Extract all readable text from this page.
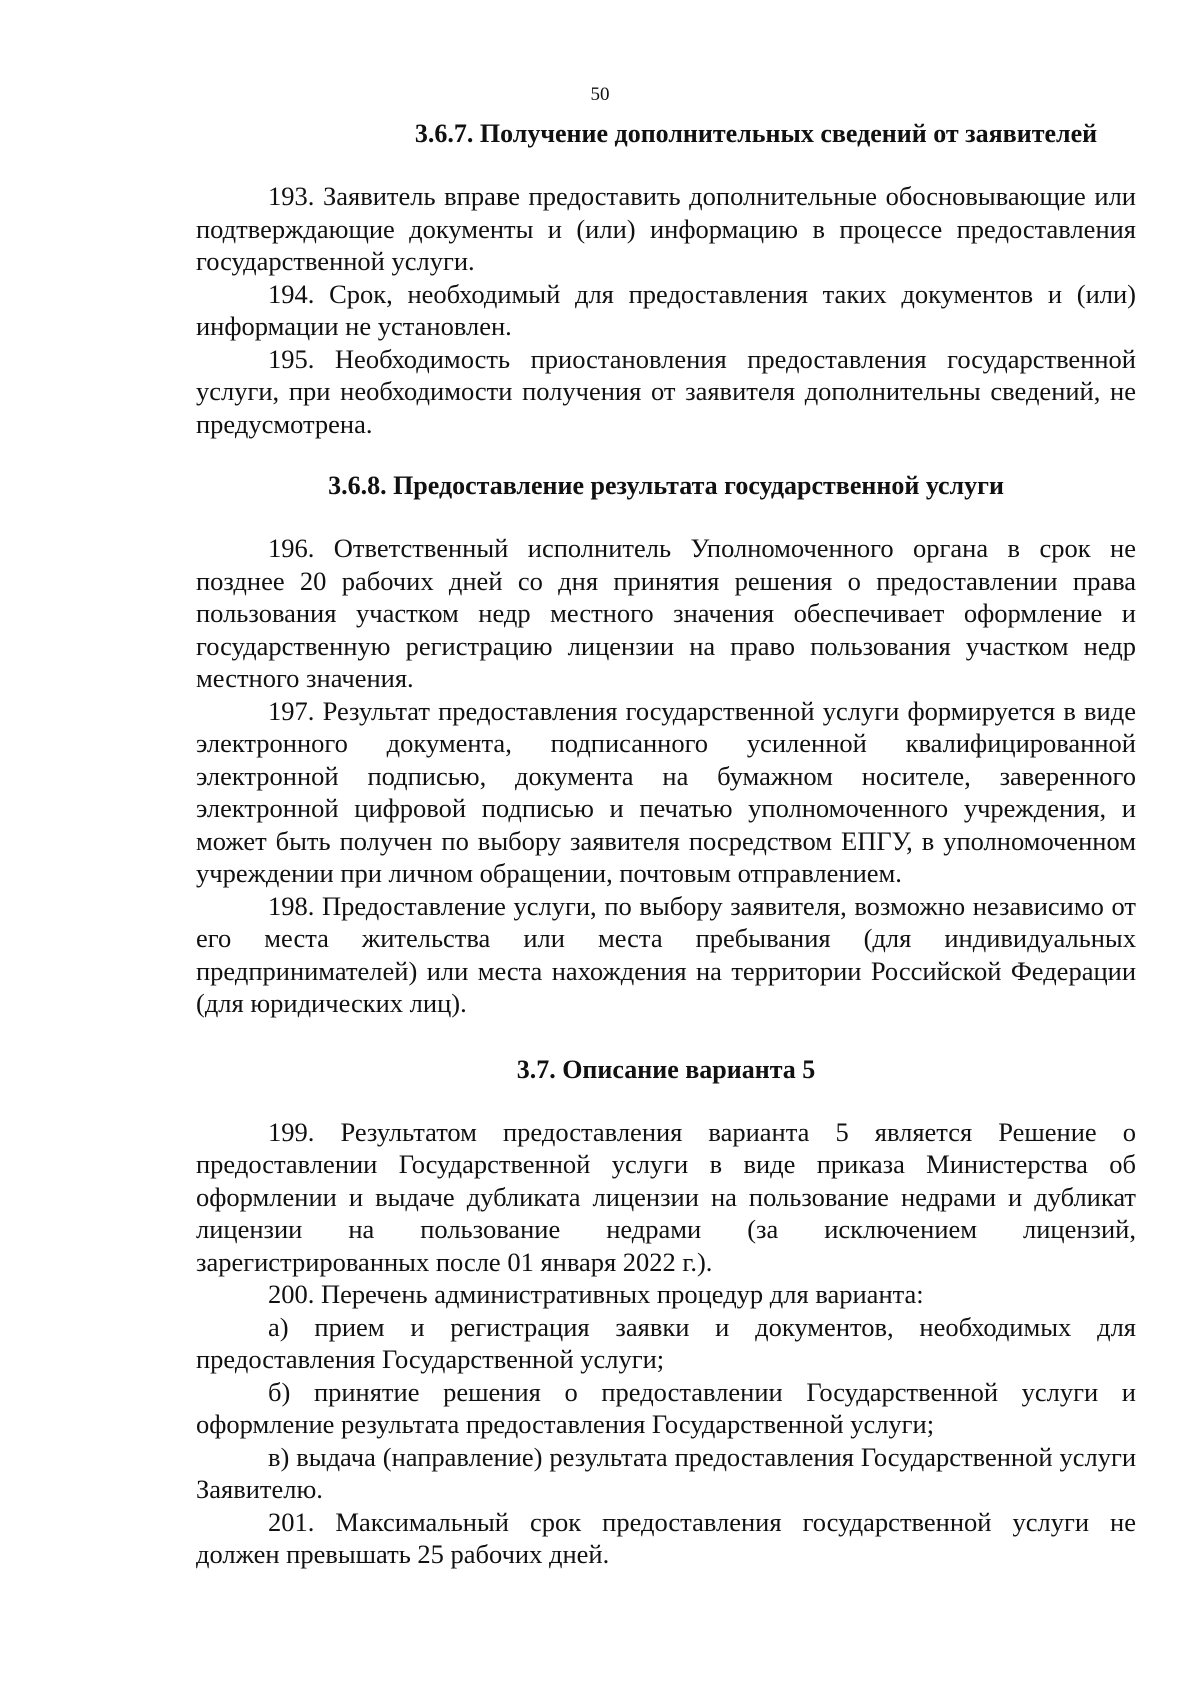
50
3.6.7. Получение дополнительных сведений от заявителей

193. Заявитель вправе предоставить дополнительные обосновывающие или подтверждающие документы и (или) информацию в процессе предоставления государственной услуги.

194. Срок, необходимый для предоставления таких документов и (или) информации не установлен.

195. Необходимость приостановления предоставления государственной услуги, при необходимости получения от заявителя дополнительны сведений, не предусмотрена.

3.6.8. Предоставление результата государственной услуги

196. Ответственный исполнитель Уполномоченного органа в срок не позднее 20 рабочих дней со дня принятия решения о предоставлении права пользования участком недр местного значения обеспечивает оформление и государственную регистрацию лицензии на право пользования участком недр местного значения.

197. Результат предоставления государственной услуги формируется в виде электронного документа, подписанного усиленной квалифицированной электронной подписью, документа на бумажном носителе, заверенного электронной цифровой подписью и печатью уполномоченного учреждения, и может быть получен по выбору заявителя посредством ЕПГУ, в уполномоченном учреждении при личном обращении, почтовым отправлением.

198. Предоставление услуги, по выбору заявителя, возможно независимо от его места жительства или места пребывания (для индивидуальных предпринимателей) или места нахождения на территории Российской Федерации (для юридических лиц).

3.7. Описание варианта 5

199. Результатом предоставления варианта 5 является Решение о предоставлении Государственной услуги в виде приказа Министерства об оформлении и выдаче дубликата лицензии на пользование недрами и дубликат лицензии на пользование недрами (за исключением лицензий, зарегистрированных после 01 января 2022 г.).

200. Перечень административных процедур для варианта:

а) прием и регистрация заявки и документов, необходимых для предоставления Государственной услуги;

б) принятие решения о предоставлении Государственной услуги и оформление результата предоставления Государственной услуги;

в) выдача (направление) результата предоставления Государственной услуги Заявителю.

201. Максимальный срок предоставления государственной услуги не должен превышать 25 рабочих дней.
